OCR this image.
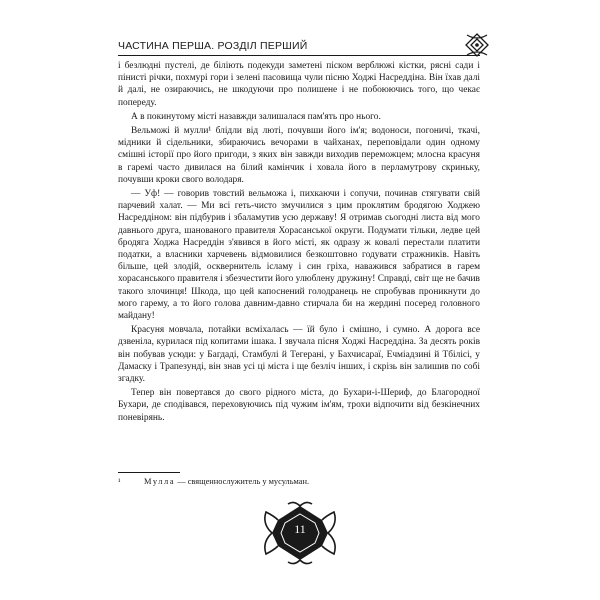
ЧАСТИНА ПЕРША. РОЗДІЛ ПЕРШИЙ

і безлюдні пустелі, де біліють подекуди заметені піском верблюжі кістки, рясні сади і пінисті річки, похмурі гори і зелені пасовища чули пісню Ходжі Насреддіна. Він їхав далі й далі, не озираючись, не шкодуючи про полишене і не побоюючись того, що чекає попереду.

А в покинутому місті назавжди залишалася пам'ять про нього.

Вельможі й мулли¹ блідли від люті, почувши його ім'я; водоноси, погоничі, ткачі, мідники й сідельники, збираючись вечорами в чайханах, переповідали один одному смішні історії про його пригоди, з яких він завжди виходив переможцем; млосна красуня в гаремі часто дивилася на білий камінчик і ховала його в перламутрову скриньку, почувши кроки свого володаря.

— Уф! — говорив товстий вельможа і, пихкаючи і сопучи, починав стягувати свій парчевий халат. — Ми всі геть-чисто змучилися з цим проклятим бродягою Ходжею Насреддіном: він підбурив і збаламутив усю державу! Я отримав сьогодні листа від мого давнього друга, шанованого правителя Хорасанської округи. Подумати тільки, ледве цей бродяга Ходжа Насреддін з'явився в його місті, як одразу ж ковалі перестали платити податки, а власники харчевень відмовилися безкоштовно годувати стражників. Навіть більше, цей злодій, осквернитель ісламу і син гріха, наважився забратися в гарем хорасанського правителя і збезчестити його улюблену дружину! Справді, світ ще не бачив такого злочинця! Шкода, що цей капоснений голодранець не спробував проникнути до мого гарему, а то його голова давним-давно стирчала би на жердині посеред головного майдану!

Красуня мовчала, потайки всміхалась — їй було і смішно, і сумно. А дорога все дзвеніла, курилася під копитами ішака. І звучала пісня Ходжі Насреддіна. За десять років він побував усюди: у Багдаді, Стамбулі й Тегерані, у Бахчисараї, Ечміадзині й Тбілісі, у Дамаску і Трапезунді, він знав усі ці міста і ще безліч інших, і скрізь він залишив по собі згадку.

Тепер він повертався до свого рідного міста, до Бухари-і-Шериф, до Благородної Бухари, де сподівався, переховуючись під чужим ім'ям, трохи відпочити від безкінечних поневірянь.

¹	Мулла — священнослужитель у мусульман.
11
